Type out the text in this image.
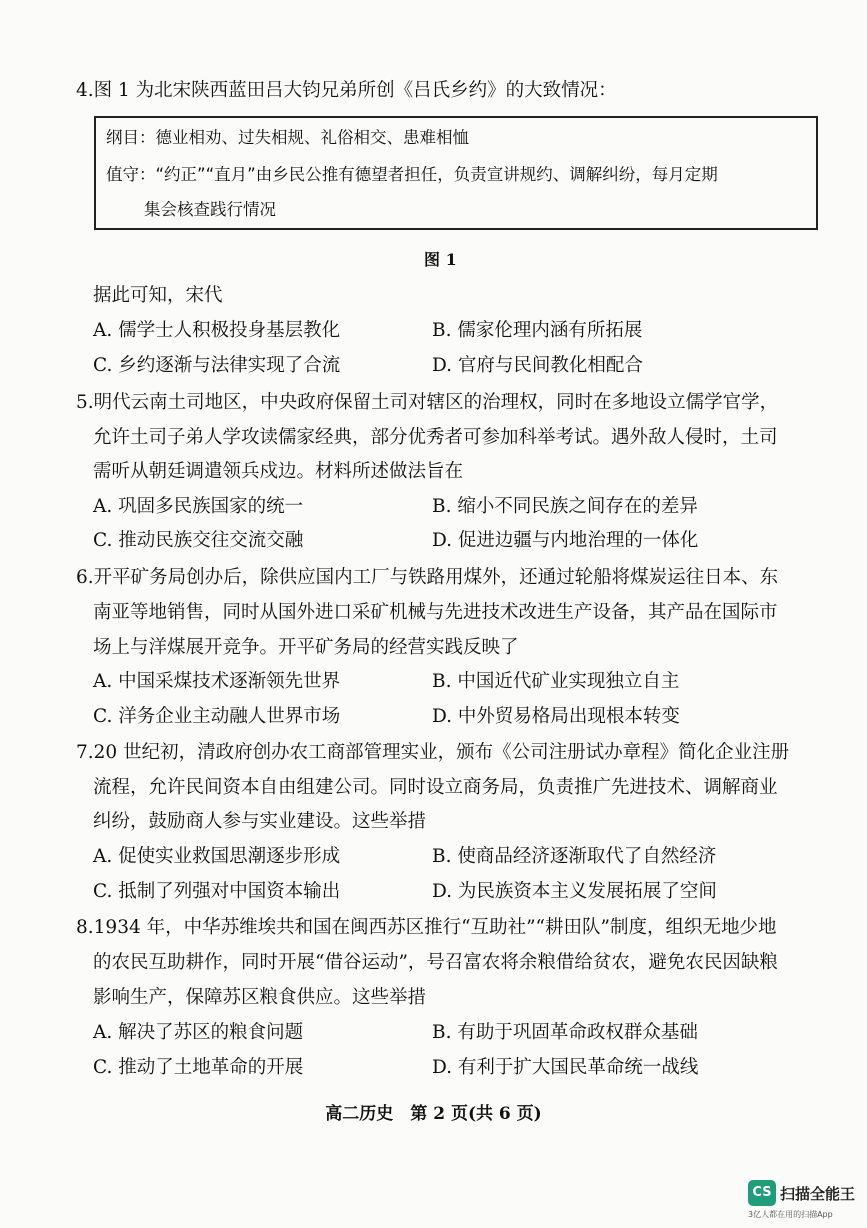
4.图 1 为北宋陕西蓝田吕大钧兄弟所创《吕氏乡约》的大致情况：
纲目：德业相劝、过失相规、礼俗相交、患难相恤
值守：“约正”“直月”由乡民公推有德望者担任，负责宣讲规约、调解纠纷，每月定期
集会核查践行情况
图 1
据此可知，宋代
A. 儒学士人积极投身基层教化	B. 儒家伦理内涵有所拓展
C. 乡约逐渐与法律实现了合流	D. 官府与民间教化相配合
5.明代云南土司地区，中央政府保留土司对辖区的治理权，同时在多地设立儒学官学，
允许土司子弟人学攻读儒家经典，部分优秀者可参加科举考试。遇外敌人侵时，土司
需听从朝廷调遣领兵戍边。材料所述做法旨在
A. 巩固多民族国家的统一	B. 缩小不同民族之间存在的差异
C. 推动民族交往交流交融	D. 促进边疆与内地治理的一体化
6.开平矿务局创办后，除供应国内工厂与铁路用煤外，还通过轮船将煤炭运往日本、东
南亚等地销售，同时从国外进口采矿机械与先进技术改进生产设备，其产品在国际市
场上与洋煤展开竞争。开平矿务局的经营实践反映了
A. 中国采煤技术逐渐领先世界	B. 中国近代矿业实现独立自主
C. 洋务企业主动融人世界市场	D. 中外贸易格局出现根本转变
7.20 世纪初，清政府创办农工商部管理实业，颁布《公司注册试办章程》简化企业注册
流程，允许民间资本自由组建公司。同时设立商务局，负责推广先进技术、调解商业
纠纷，鼓励商人参与实业建设。这些举措
A. 促使实业救国思潮逐步形成	B. 使商品经济逐渐取代了自然经济
C. 抵制了列强对中国资本输出	D. 为民族资本主义发展拓展了空间
8.1934 年，中华苏维埃共和国在闽西苏区推行“互助社”“耕田队”制度，组织无地少地
的农民互助耕作，同时开展“借谷运动”，号召富农将余粮借给贫农，避免农民因缺粮
影响生产，保障苏区粮食供应。这些举措
A. 解决了苏区的粮食问题	B. 有助于巩固革命政权群众基础
C. 推动了土地革命的开展	D. 有利于扩大国民革命统一战线
高二历史　第 2 页(共 6 页)
CS 扫描全能王
3亿人都在用的扫描App
